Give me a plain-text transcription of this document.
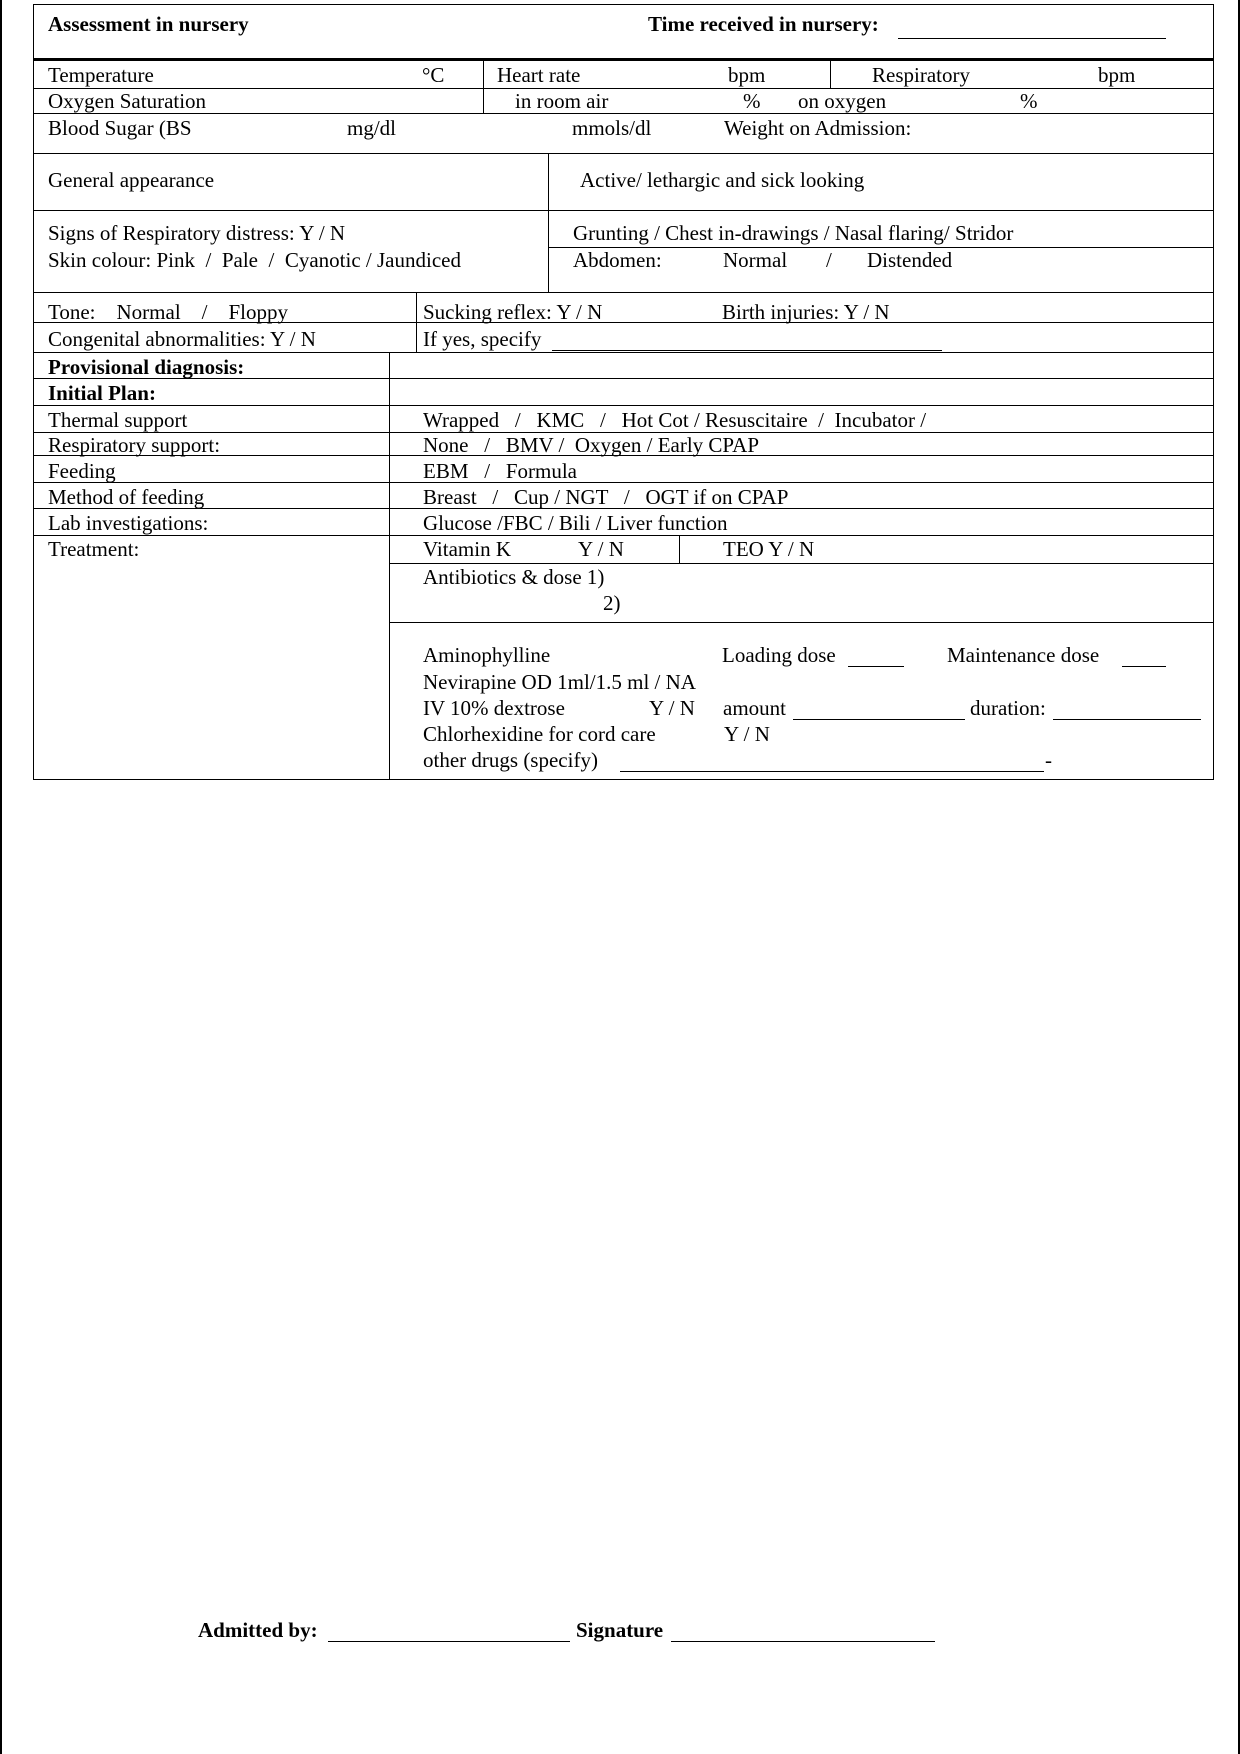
Assessment in nursery	Time received in nursery:
Temperature	°C	Heart rate	bpm	Respiratory	bpm
Oxygen Saturation	in room air	% on oxygen	%
Blood Sugar (BS	mg/dl	mmols/dl	Weight on Admission:
General appearance	Active/ lethargic and sick looking
Signs of Respiratory distress: Y / N	Grunting / Chest in-drawings / Nasal flaring/ Stridor
Skin colour: Pink  /  Pale  /  Cyanotic / Jaundiced	Abdomen:	Normal / Distended
Tone:    Normal    /    Floppy	Sucking reflex: Y / N	Birth injuries: Y / N
Congenital abnormalities: Y / N	If yes, specify
Provisional diagnosis:
Initial Plan:
Thermal support	Wrapped   /   KMC   /   Hot Cot / Resuscitaire  /  Incubator /
Respiratory support:	None   /   BMV /  Oxygen / Early CPAP
Feeding	EBM   /   Formula
Method of feeding	Breast   /   Cup / NGT   /   OGT if on CPAP
Lab investigations:	Glucose /FBC / Bili / Liver function
Treatment:	Vitamin K	Y / N	TEO Y / N
Antibiotics & dose 1)
2)
Aminophylline	Loading dose	Maintenance dose
Nevirapine OD 1ml/1.5 ml / NA
IV 10% dextrose	Y / N amount	duration:
Chlorhexidine for cord care	Y / N
other drugs (specify)	-
Admitted by:	Signature
